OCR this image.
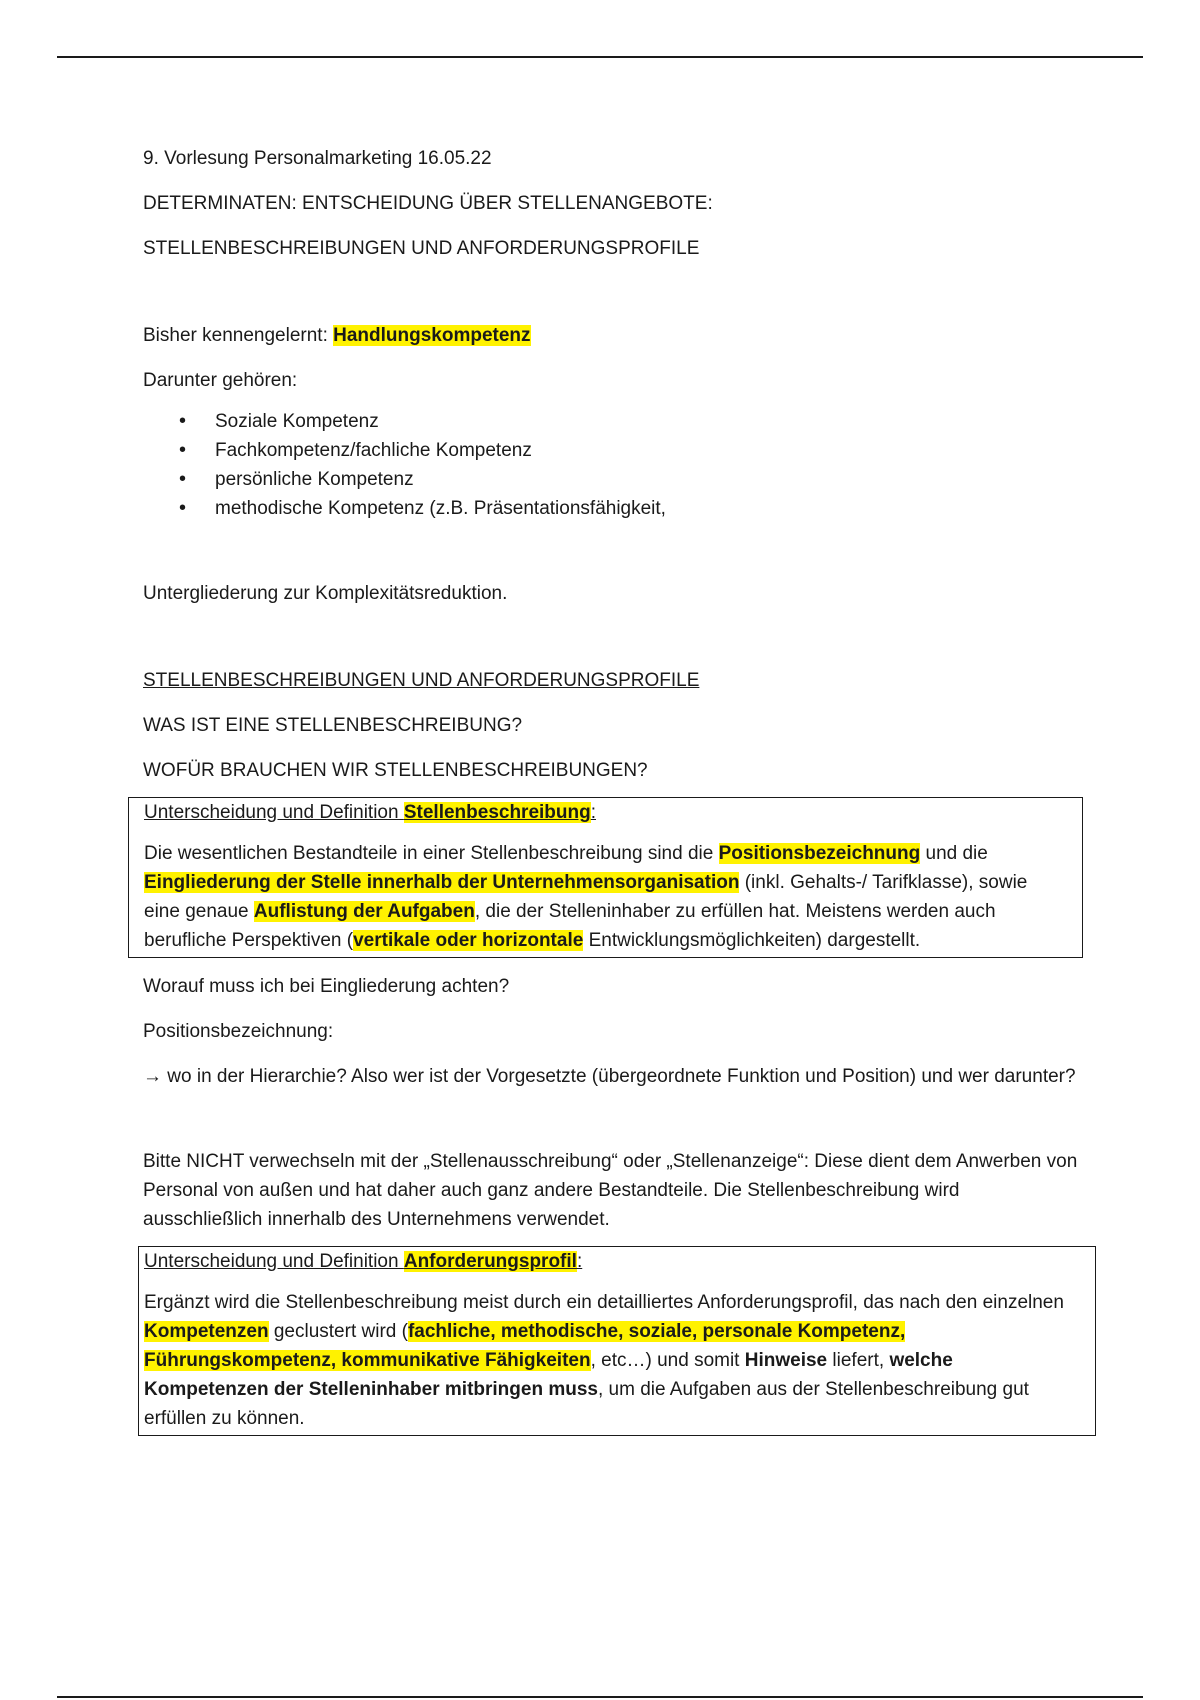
9. Vorlesung Personalmarketing 16.05.22

DETERMINATEN: ENTSCHEIDUNG ÜBER STELLENANGEBOTE:

STELLENBESCHREIBUNGEN UND ANFORDERUNGSPROFILE

Bisher kennengelernt: Handlungskompetenz

Darunter gehören:

• Soziale Kompetenz
• Fachkompetenz/fachliche Kompetenz
• persönliche Kompetenz
• methodische Kompetenz (z.B. Präsentationsfähigkeit,

Untergliederung zur Komplexitätsreduktion.

STELLENBESCHREIBUNGEN UND ANFORDERUNGSPROFILE

WAS IST EINE STELLENBESCHREIBUNG?

WOFÜR BRAUCHEN WIR STELLENBESCHREIBUNGEN?

Unterscheidung und Definition Stellenbeschreibung:

Die wesentlichen Bestandteile in einer Stellenbeschreibung sind die Positionsbezeichnung und die Eingliederung der Stelle innerhalb der Unternehmensorganisation (inkl. Gehalts-/ Tarifklasse), sowie eine genaue Auflistung der Aufgaben, die der Stelleninhaber zu erfüllen hat. Meistens werden auch berufliche Perspektiven (vertikale oder horizontale Entwicklungsmöglichkeiten) dargestellt.

Worauf muss ich bei Eingliederung achten?

Positionsbezeichnung:

→ wo in der Hierarchie? Also wer ist der Vorgesetzte (übergeordnete Funktion und Position) und wer darunter?

Bitte NICHT verwechseln mit der „Stellenausschreibung“ oder „Stellenanzeige“: Diese dient dem Anwerben von Personal von außen und hat daher auch ganz andere Bestandteile. Die Stellenbeschreibung wird ausschließlich innerhalb des Unternehmens verwendet.

Unterscheidung und Definition Anforderungsprofil:

Ergänzt wird die Stellenbeschreibung meist durch ein detailliertes Anforderungsprofil, das nach den einzelnen Kompetenzen geclustert wird (fachliche, methodische, soziale, personale Kompetenz, Führungskompetenz, kommunikative Fähigkeiten, etc…) und somit Hinweise liefert, welche Kompetenzen der Stelleninhaber mitbringen muss, um die Aufgaben aus der Stellenbeschreibung gut erfüllen zu können.
